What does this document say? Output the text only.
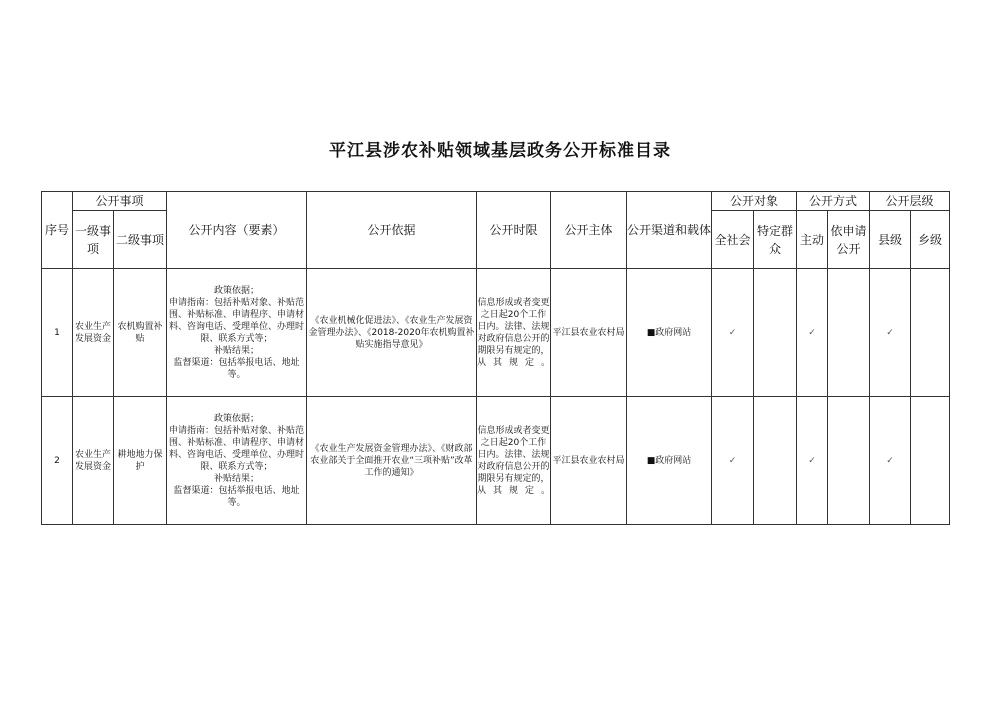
平江县涉农补贴领域基层政务公开标准目录
序号	公开事项		公开内容（要素）	公开依据	公开时限	公开主体	公开渠道和载体	公开对象		公开方式		公开层级	
	一级事项	二级事项						全社会	特定群众	主动	依申请公开	县级	乡级
1	农业生产发展资金	农机购置补贴	政策依据；
申请指南：包括补贴对象、补贴范围、补贴标准、申请程序、申请材料、咨询电话、受理单位、办理时限、联系方式等；
补贴结果；
监督渠道：包括举报电话、地址等。	《农业机械化促进法》、《农业生产发展资金管理办法》、《2018-2020年农机购置补贴实施指导意见》	信息形成或者变更之日起20个工作日内。法律、法规对政府信息公开的期限另有规定的，从其规定。	平江县农业农村局	■政府网站	✓		✓		✓	
2	农业生产发展资金	耕地地力保护	政策依据；
申请指南：包括补贴对象、补贴范围、补贴标准、申请程序、申请材料、咨询电话、受理单位、办理时限、联系方式等；
补贴结果；
监督渠道：包括举报电话、地址等。	《农业生产发展资金管理办法》、《财政部 农业部关于全面推开农业“三项补贴”改革工作的通知》	信息形成或者变更之日起20个工作日内。法律、法规对政府信息公开的期限另有规定的，从其规定。	平江县农业农村局	■政府网站	✓		✓		✓	
